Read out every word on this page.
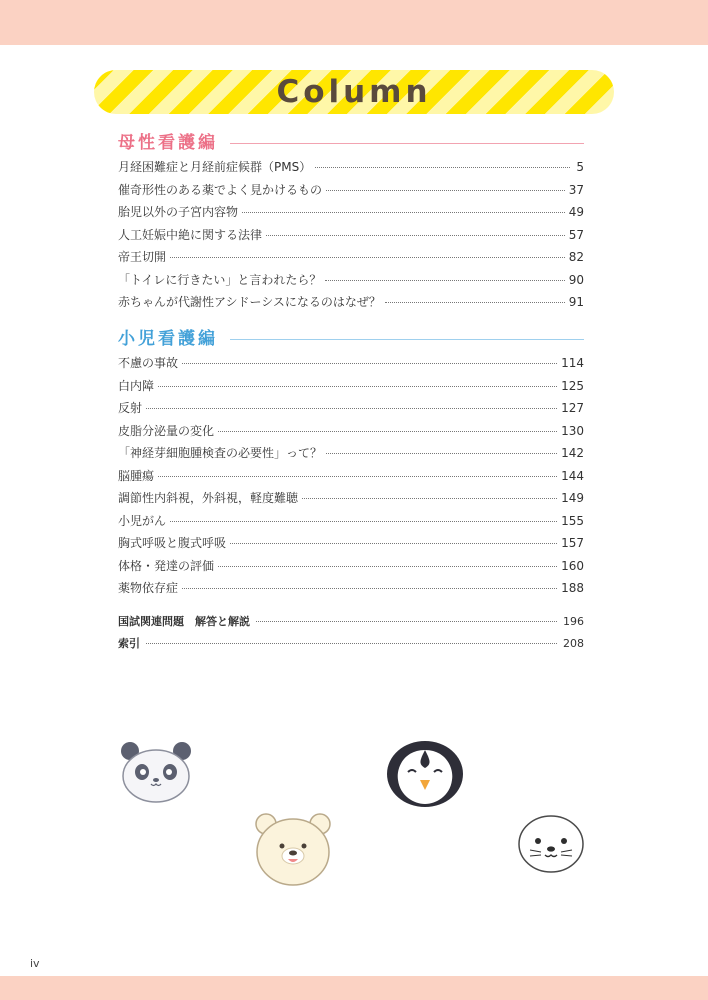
Column
母性看護編
月経困難症と月経前症候群（PMS）	5
催奇形性のある薬でよく見かけるもの	37
胎児以外の子宮内容物	49
人工妊娠中絶に関する法律	57
帝王切開	82
「トイレに行きたい」と言われたら？	90
赤ちゃんが代謝性アシドーシスになるのはなぜ？	91
小児看護編
不慮の事故	114
白内障	125
反射	127
皮脂分泌量の変化	130
「神経芽細胞腫検査の必要性」って？	142
脳腫瘍	144
調節性内斜視，外斜視，軽度難聴	149
小児がん	155
胸式呼吸と腹式呼吸	157
体格・発達の評価	160
薬物依存症	188
国試関連問題　解答と解説	196
索引	208
iv
